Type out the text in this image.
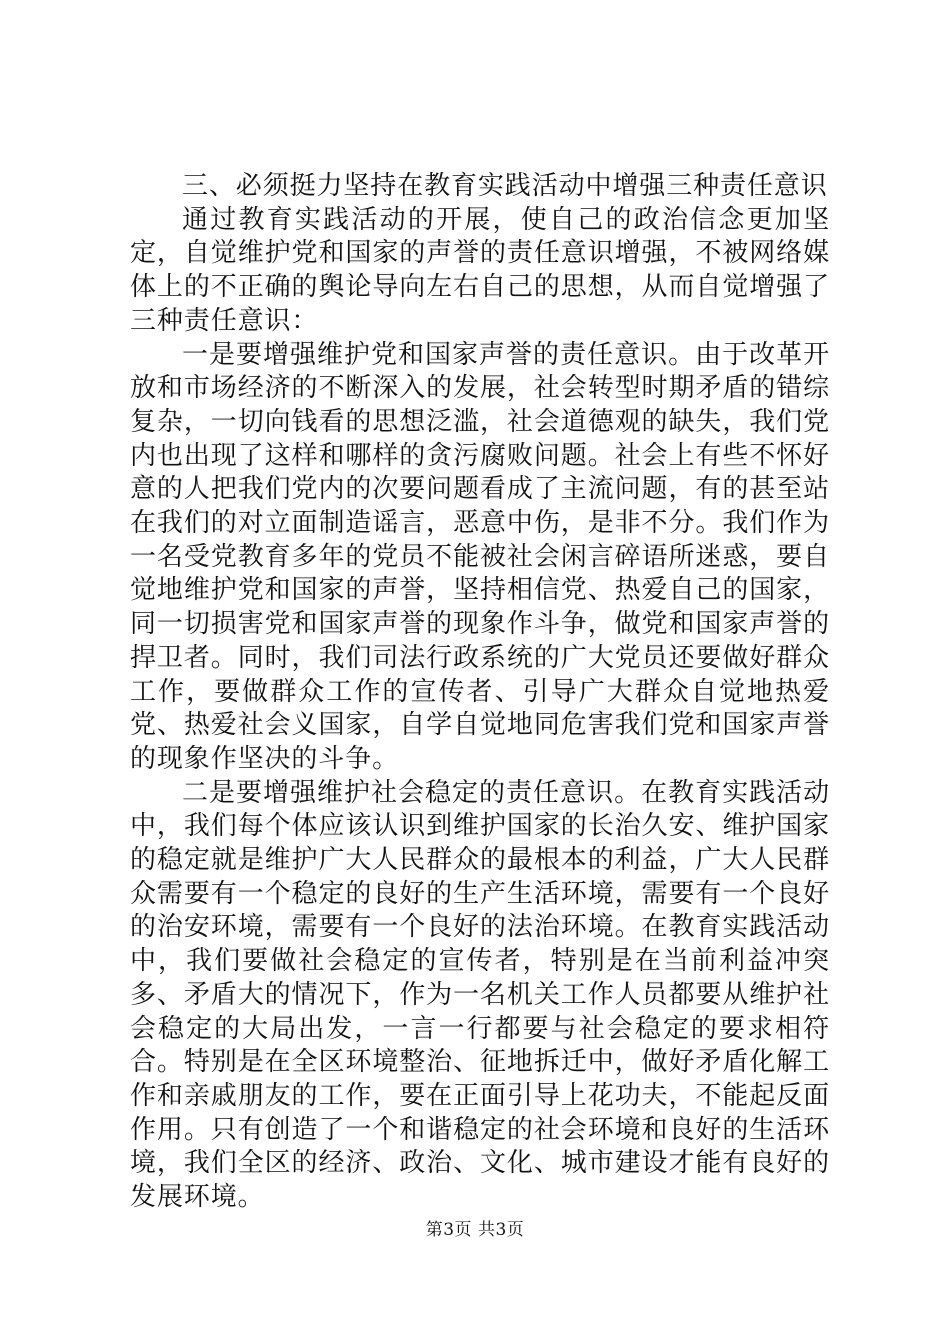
三、必须挺力坚持在教育实践活动中增强三种责任意识

通过教育实践活动的开展，使自己的政治信念更加坚定，自觉维护党和国家的声誉的责任意识增强，不被网络媒体上的不正确的舆论导向左右自己的思想，从而自觉增强了三种责任意识：

一是要增强维护党和国家声誉的责任意识。由于改革开放和市场经济的不断深入的发展，社会转型时期矛盾的错综复杂，一切向钱看的思想泛滥，社会道德观的缺失，我们党内也出现了这样和哪样的贪污腐败问题。社会上有些不怀好意的人把我们党内的次要问题看成了主流问题，有的甚至站在我们的对立面制造谣言，恶意中伤，是非不分。我们作为一名受党教育多年的党员不能被社会闲言碎语所迷惑，要自觉地维护党和国家的声誉，坚持相信党、热爱自己的国家，同一切损害党和国家声誉的现象作斗争，做党和国家声誉的捍卫者。同时，我们司法行政系统的广大党员还要做好群众工作，要做群众工作的宣传者、引导广大群众自觉地热爱党、热爱社会义国家，自学自觉地同危害我们党和国家声誉的现象作坚决的斗争。

二是要增强维护社会稳定的责任意识。在教育实践活动中，我们每个体应该认识到维护国家的长治久安、维护国家的稳定就是维护广大人民群众的最根本的利益，广大人民群众需要有一个稳定的良好的生产生活环境，需要有一个良好的治安环境，需要有一个良好的法治环境。在教育实践活动中，我们要做社会稳定的宣传者，特别是在当前利益冲突多、矛盾大的情况下，作为一名机关工作人员都要从维护社会稳定的大局出发，一言一行都要与社会稳定的要求相符合。特别是在全区环境整治、征地拆迁中，做好矛盾化解工作和亲戚朋友的工作，要在正面引导上花功夫，不能起反面作用。只有创造了一个和谐稳定的社会环境和良好的生活环境，我们全区的经济、政治、文化、城市建设才能有良好的发展环境。

第3页 共3页
